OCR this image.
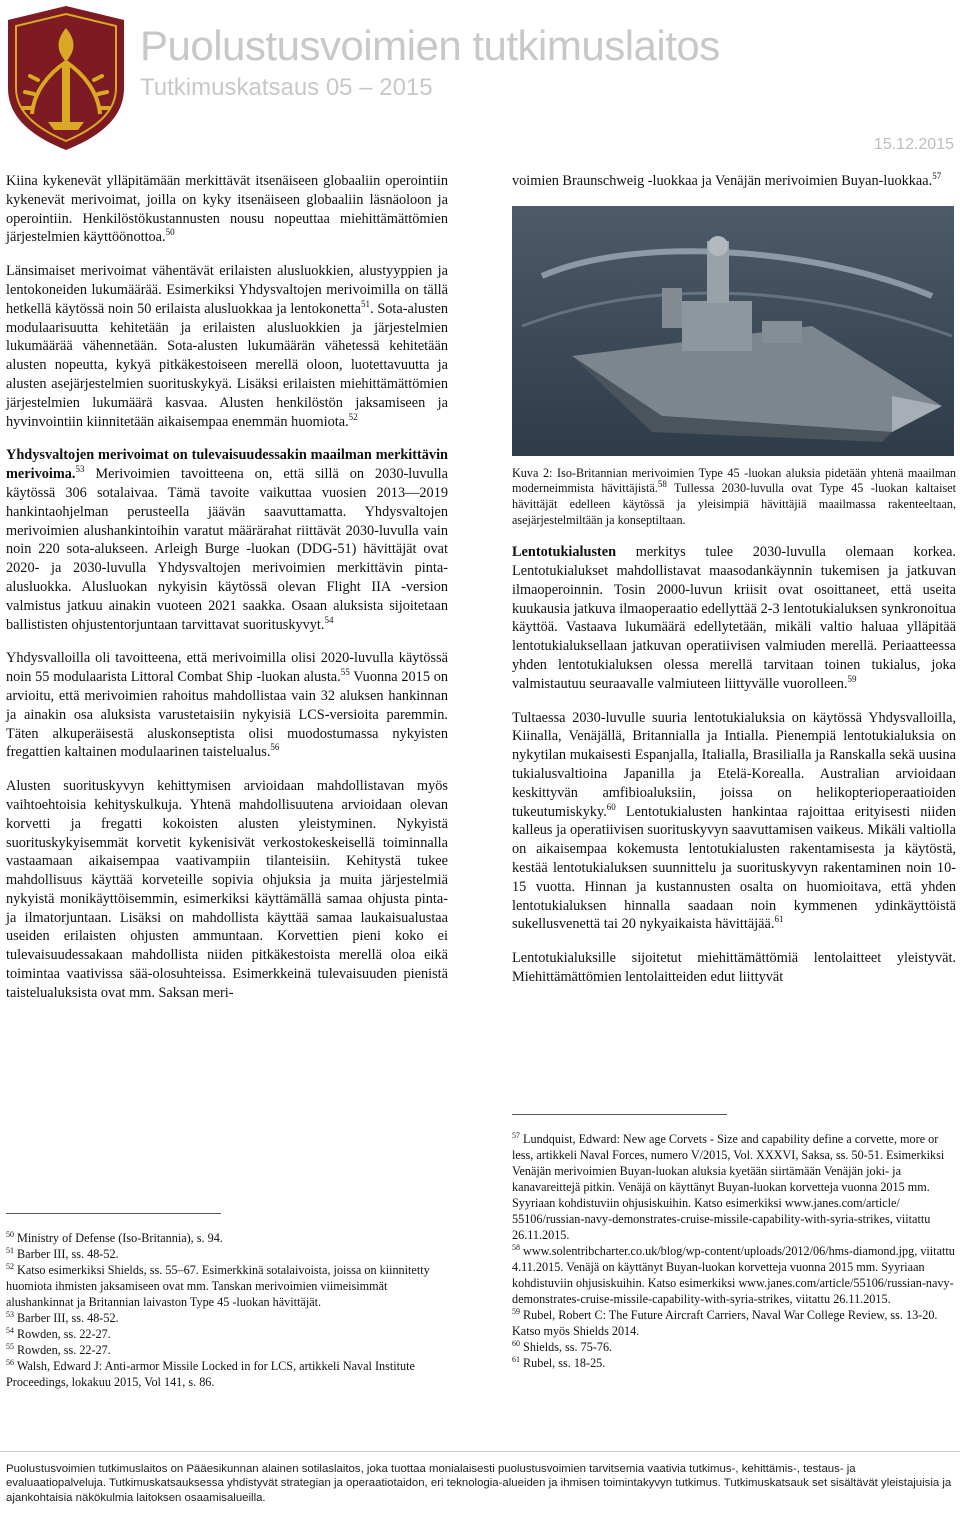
Puolustusvoimien tutkimuslaitos
Tutkimuskatsaus 05 – 2015
15.12.2015

Kiina kykenevät ylläpitämään merkittävät itsenäiseen globaaliin operointiin kykenevät merivoimat, joilla on kyky itsenäiseen globaaliin läsnäoloon ja operointiin. Henkilöstökustannusten nousu nopeuttaa miehittämättömien järjestelmien käyttöönottoa.$^{50}$

Länsimaiset merivoimat vähentävät erilaisten alusluokkien, alustyyppien ja lentokoneiden lukumäärää. Esimerkiksi Yhdysvaltojen merivoimilla on tällä hetkellä käytössä noin 50 erilaista alusluokkaa ja lentokonetta$^{51}$. Sota-alusten modulaarisuutta kehitetään ja erilaisten alusluokkien ja järjestelmien lukumäärää vähennetään. Sota-alusten lukumäärän vähetessä kehitetään alusten nopeutta, kykyä pitkäkestoiseen merellä oloon, luotettavuutta ja alusten asejärjestelmien suorituskykyä. Lisäksi erilaisten miehittämättömien järjestelmien lukumäärä kasvaa. Alusten henkilöstön jaksamiseen ja hyvinvointiin kiinnitetään aikaisempaa enemmän huomiota.$^{52}$

Yhdysvaltojen merivoimat on tulevaisuudessakin maailman merkittävin merivoima.$^{53}$ Merivoimien tavoitteena on, että sillä on 2030-luvulla käytössä 306 sotalaivaa. Tämä tavoite vaikuttaa vuosien 2013—2019 hankintaohjelman perusteella jäävän saavuttamatta. Yhdysvaltojen merivoimien alushankintoihin varatut määrärahat riittävät 2030-luvulla vain noin 220 sota-alukseen. Arleigh Burge -luokan (DDG-51) hävittäjät ovat 2020- ja 2030-luvulla Yhdysvaltojen merivoimien merkittävin pinta-alusluokka. Alusluokan nykyisin käytössä olevan Flight IIA -version valmistus jatkuu ainakin vuoteen 2021 saakka. Osaan aluksista sijoitetaan ballististen ohjustentorjuntaan tarvittavat suorituskyvyt.$^{54}$

Yhdysvalloilla oli tavoitteena, että merivoimilla olisi 2020-luvulla käytössä noin 55 modulaarista Littoral Combat Ship -luokan alusta.$^{55}$ Vuonna 2015 on arvioitu, että merivoimien rahoitus mahdollistaa vain 32 aluksen hankinnan ja ainakin osa aluksista varustetaisiin nykyisiä LCS-versioita paremmin. Täten alkuperäisestä aluskonseptista olisi muodostumassa nykyisten fregattien kaltainen modulaarinen taistelualus.$^{56}$

Alusten suorituskyvyn kehittymisen arvioidaan mahdollistavan myös vaihtoehtoisia kehityskulkuja. Yhtenä mahdollisuutena arvioidaan olevan korvetti ja fregatti kokoisten alusten yleistyminen. Nykyistä suorituskykyisemmät korvetit kykenisivät verkostokeskeisellä toiminnalla vastaamaan aikaisempaa vaativampiin tilanteisiin. Kehitystä tukee mahdollisuus käyttää korveteille sopivia ohjuksia ja muita järjestelmiä nykyistä monikäyttöisemmin, esimerkiksi käyttämällä samaa ohjusta pinta- ja ilmatorjuntaan. Lisäksi on mahdollista käyttää samaa laukaisualustaa useiden erilaisten ohjusten ammuntaan. Korvettien pieni koko ei tulevaisuudessakaan mahdollista niiden pitkäkestoista merellä oloa eikä toimintaa vaativissa sää-olosuhteissa. Esimerkkeinä tulevaisuuden pienistä taistelualuksista ovat mm. Saksan meri-

voimien Braunschweig -luokkaa ja Venäjän merivoimien Buyan-luokkaa.$^{57}$

Kuva 2: Iso-Britannian merivoimien Type 45 -luokan aluksia pidetään yhtenä maailman moderneimmista hävittäjistä.$^{58}$ Tullessa 2030-luvulla ovat Type 45 -luokan kaltaiset hävittäjät edelleen käytössä ja yleisimpiä hävittäjiä maailmassa rakenteeltaan, asejärjestelmiltään ja konseptiltaan.

Lentotukialusten merkitys tulee 2030-luvulla olemaan korkea. Lentotukialukset mahdollistavat maasodankäynnin tukemisen ja jatkuvan ilmaoperoinnin. Tosin 2000-luvun kriisit ovat osoittaneet, että useita kuukausia jatkuva ilmaoperaatio edellyttää 2-3 lentotukialuksen synkronoitua käyttöä. Vastaava lukumäärä edellytetään, mikäli valtio haluaa ylläpitää lentotukialuksellaan jatkuvan operatiivisen valmiuden merellä. Periaatteessa yhden lentotukialuksen olessa merellä tarvitaan toinen tukialus, joka valmistautuu seuraavalle valmiuteen liittyvälle vuorolleen.$^{59}$

Tultaessa 2030-luvulle suuria lentotukialuksia on käytössä Yhdysvalloilla, Kiinalla, Venäjällä, Britannialla ja Intialla. Pienempiä lentotukialuksia on nykytilan mukaisesti Espanjalla, Italialla, Brasilialla ja Ranskalla sekä uusina tukialusvaltioina Japanilla ja Etelä-Korealla. Australian arvioidaan keskittyvän amfibioaluksiin, joissa on helikopterioperaatioiden tukeutumiskyky.$^{60}$ Lentotukialusten hankintaa rajoittaa erityisesti niiden kalleus ja operatiivisen suorituskyvyn saavuttamisen vaikeus. Mikäli valtiolla on aikaisempaa kokemusta lentotukialusten rakentamisesta ja käytöstä, kestää lentotukialuksen suunnittelu ja suorituskyvyn rakentaminen noin 10-15 vuotta. Hinnan ja kustannusten osalta on huomioitava, että yhden lentotukialuksen hinnalla saadaan noin kymmenen ydinkäyttöistä sukellusvenettä tai 20 nykyaikaista hävittäjää.$^{61}$

Lentotukialuksille sijoitetut miehittämättömiä lentolaitteet yleistyvät. Miehittämättömien lentolaitteiden edut liittyvät

$^{50}$ Ministry of Defense (Iso-Britannia), s. 94.

$^{51}$ Barber III, ss. 48-52.

$^{52}$ Katso esimerkiksi Shields, ss. 55–67. Esimerkkinä sotalaivoista, joissa on kiinnitetty huomiota ihmisten jaksamiseen ovat mm. Tanskan merivoimien viimeisimmät alushankinnat ja Britannian laivaston Type 45 -luokan hävittäjät.

$^{53}$ Barber III, ss. 48-52.

$^{54}$ Rowden, ss. 22-27.

$^{55}$ Rowden, ss. 22-27.

$^{56}$ Walsh, Edward J: Anti-armor Missile Locked in for LCS, artikkeli Naval Institute Proceedings, lokakuu 2015, Vol 141, s. 86.

$^{57}$ Lundquist, Edward: New age Corvets - Size and capability define a corvette, more or less, artikkeli Naval Forces, numero V/2015, Vol. XXXVI, Saksa, ss. 50-51. Esimerkiksi Venäjän merivoimien Buyan-luokan aluksia kyetään siirtämään Venäjän joki- ja kanavareittejä pitkin. Venäjä on käyttänyt Buyan-luokan korvetteja vuonna 2015 mm. Syyriaan kohdistuviin ohjusiskuihin. Katso esimerkiksi www.janes.com/article/ 55106/russian-navy-demonstrates-cruise-missile-capability-with-syria-strikes, viitattu 26.11.2015.

$^{58}$ www.solentribcharter.co.uk/blog/wp-content/uploads/2012/06/hms-diamond.jpg, viitattu 4.11.2015. Venäjä on käyttänyt Buyan-luokan korvetteja vuonna 2015 mm. Syyriaan kohdistuviin ohjusiskuihin. Katso esimerkiksi www.janes.com/article/55106/russian-navy-demonstrates-cruise-missile-capability-with-syria-strikes, viitattu 26.11.2015.

$^{59}$ Rubel, Robert C: The Future Aircraft Carriers, Naval War College Review, ss. 13-20. Katso myös Shields 2014.

$^{60}$ Shields, ss. 75-76.

$^{61}$ Rubel, ss. 18-25.

Puolustusvoimien tutkimuslaitos on Pääesikunnan alainen sotilaslaitos, joka tuottaa monialaisesti puolustusvoimien tarvitsemia vaativia tutkimus-, kehittämis-, testaus- ja evaluaatiopalveluja. Tutkimuskatsauksessa yhdistyvät strategian ja operaatiotaidon, eri teknologia-alueiden ja ihmisen toimintakyvyn tutkimus. Tutkimuskatsauk set sisältävät yleistajuisia ja ajankohtaisia näkökulmia laitoksen osaamisalueilla.
